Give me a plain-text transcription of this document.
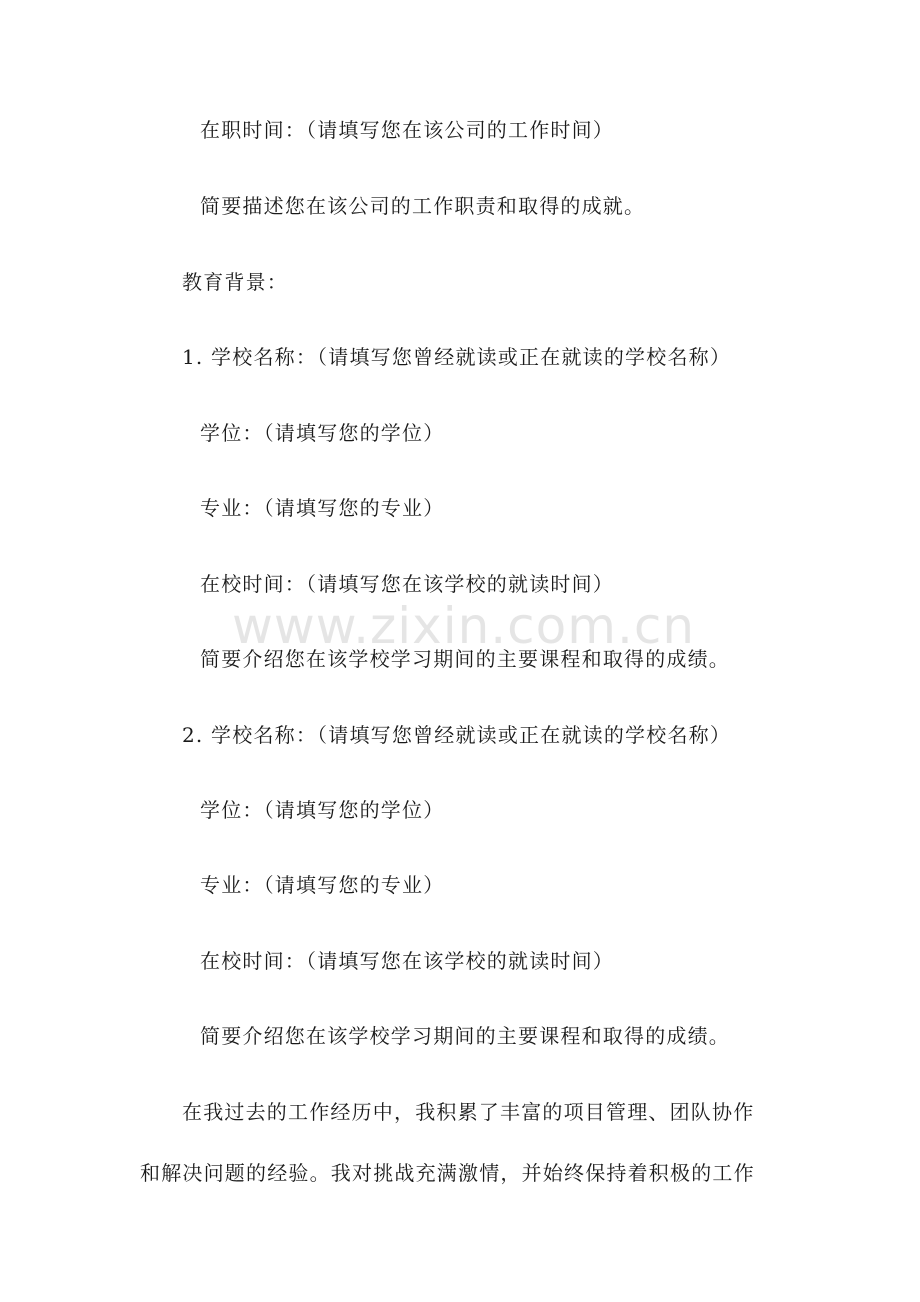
www.zixin.com.cn
在职时间：（请填写您在该公司的工作时间）
简要描述您在该公司的工作职责和取得的成就。
教育背景：
1. 学校名称：（请填写您曾经就读或正在就读的学校名称）
学位：（请填写您的学位）
专业：（请填写您的专业）
在校时间：（请填写您在该学校的就读时间）
简要介绍您在该学校学习期间的主要课程和取得的成绩。
2. 学校名称：（请填写您曾经就读或正在就读的学校名称）
学位：（请填写您的学位）
专业：（请填写您的专业）
在校时间：（请填写您在该学校的就读时间）
简要介绍您在该学校学习期间的主要课程和取得的成绩。
在我过去的工作经历中，我积累了丰富的项目管理、团队协作
和解决问题的经验。我对挑战充满激情，并始终保持着积极的工作
